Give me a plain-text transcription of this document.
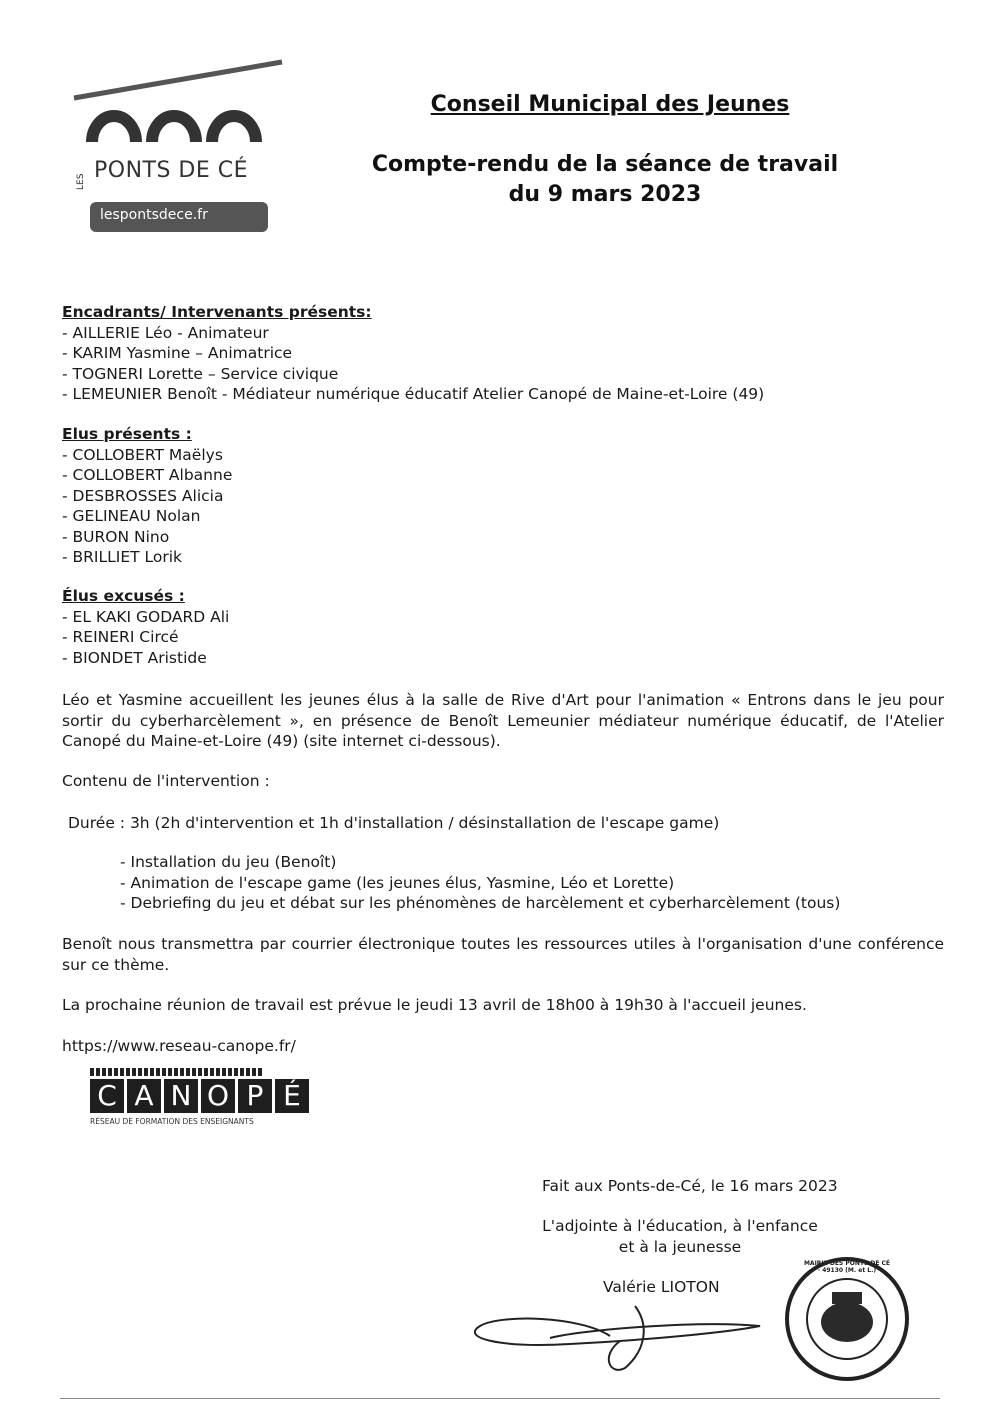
LES PONTS DE CÉ
lespontsdece.fr
Conseil Municipal des Jeunes
Compte-rendu de la séance de travail
du 9 mars 2023
Encadrants/ Intervenants présents:
- AILLERIE Léo - Animateur
- KARIM Yasmine – Animatrice
- TOGNERI Lorette – Service civique
- LEMEUNIER Benoît - Médiateur numérique éducatif Atelier Canopé de Maine-et-Loire (49)
Elus présents :
- COLLOBERT Maëlys
- COLLOBERT Albanne
- DESBROSSES Alicia
- GELINEAU Nolan
- BURON Nino
- BRILLIET Lorik
Élus excusés :
- EL KAKI GODARD Ali
- REINERI Circé
- BIONDET Aristide
Léo et Yasmine accueillent les jeunes élus à la salle de Rive d'Art pour l'animation « Entrons dans le jeu pour sortir du cyberharcèlement », en présence de Benoît Lemeunier médiateur numérique éducatif, de l'Atelier Canopé du Maine-et-Loire (49) (site internet ci-dessous).
Contenu de l'intervention :
Durée : 3h (2h d'intervention et 1h d'installation / désinstallation de l'escape game)
- Installation du jeu (Benoît)
- Animation de l'escape game (les jeunes élus, Yasmine, Léo et Lorette)
- Debriefing du jeu et débat sur les phénomènes de harcèlement et cyberharcèlement (tous)
Benoît nous transmettra par courrier électronique toutes les ressources utiles à l'organisation d'une conférence sur ce thème.
La prochaine réunion de travail est prévue le jeudi 13 avril de 18h00 à 19h30 à l'accueil jeunes.
https://www.reseau-canope.fr/
C A N O P É
RÉSEAU DE FORMATION DES ENSEIGNANTS
Fait aux Ponts-de-Cé, le 16 mars 2023
L'adjointe à l'éducation, à l'enfance
et à la jeunesse
Valérie LIOTON
MAIRIE DES PONTS DE CÉ · 49130 (M. et L.)
